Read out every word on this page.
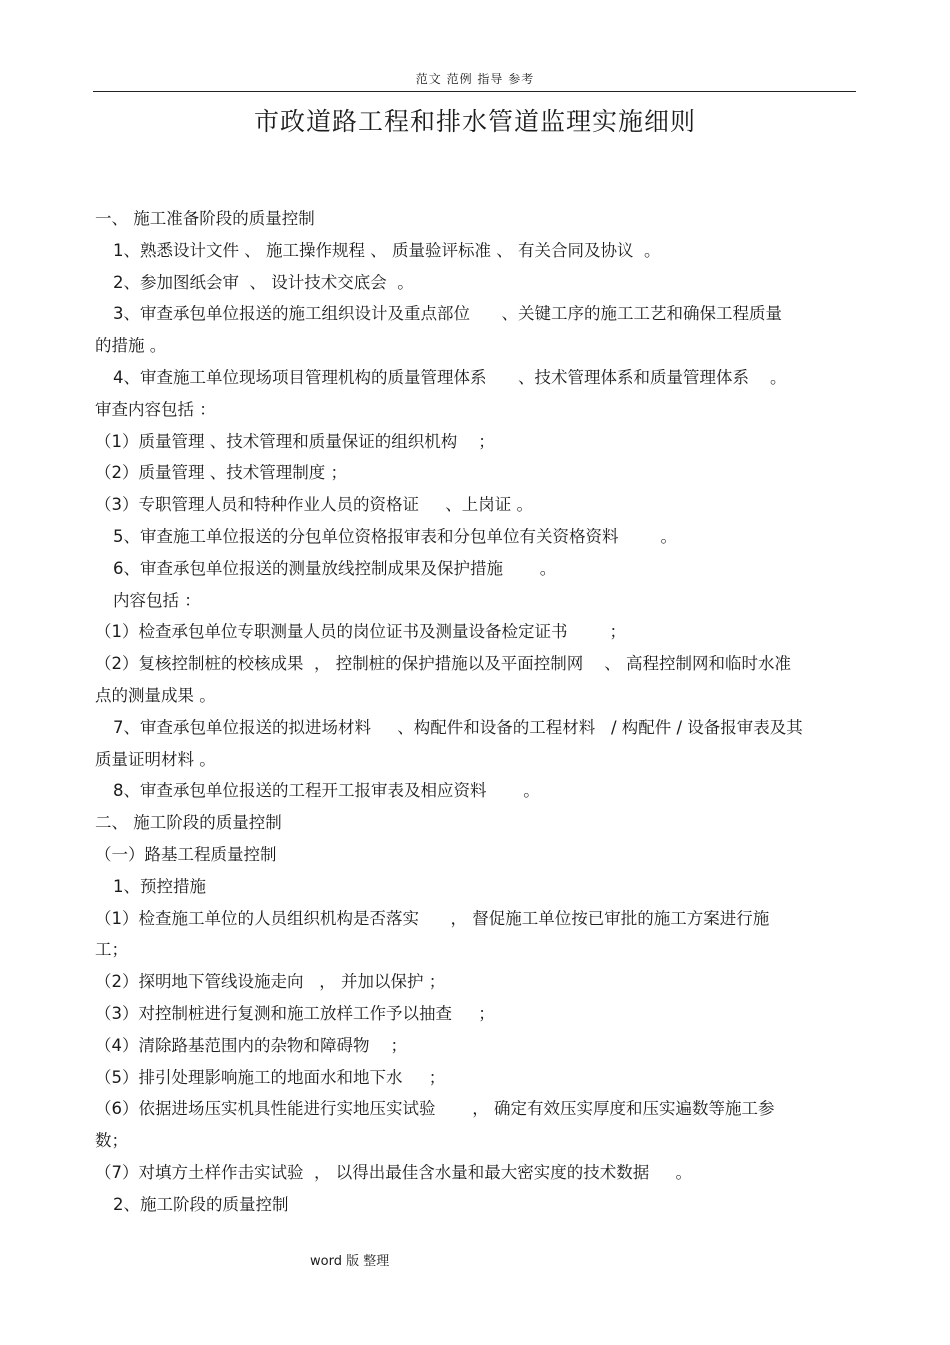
范文 范例 指导 参考
市政道路工程和排水管道监理实施细则
一、 施工准备阶段的质量控制
1、熟悉设计文件 、 施工操作规程 、 质量验评标准 、 有关合同及协议  。
2、参加图纸会审  、 设计技术交底会  。
3、审查承包单位报送的施工组织设计及重点部位      、关键工序的施工工艺和确保工程质量
的措施 。
4、审查施工单位现场项目管理机构的质量管理体系      、技术管理体系和质量管理体系    。
审查内容包括 ：
（1）质量管理 、技术管理和质量保证的组织机构    ；
（2）质量管理 、技术管理制度 ；
（3）专职管理人员和特种作业人员的资格证     、上岗证 。
5、审查施工单位报送的分包单位资格报审表和分包单位有关资格资料        。
6、审查承包单位报送的测量放线控制成果及保护措施       。
内容包括 ：
（1）检查承包单位专职测量人员的岗位证书及测量设备检定证书        ；
（2）复核控制桩的校核成果  ， 控制桩的保护措施以及平面控制网    、 高程控制网和临时水准
点的测量成果 。
7、审查承包单位报送的拟进场材料     、构配件和设备的工程材料   / 构配件 / 设备报审表及其
质量证明材料 。
8、审查承包单位报送的工程开工报审表及相应资料       。
二、 施工阶段的质量控制
（一）路基工程质量控制
1、预控措施
（1）检查施工单位的人员组织机构是否落实      ， 督促施工单位按已审批的施工方案进行施
工；
（2）探明地下管线设施走向   ， 并加以保护 ；
（3）对控制桩进行复测和施工放样工作予以抽查     ；
（4）清除路基范围内的杂物和障碍物    ；
（5）排引处理影响施工的地面水和地下水     ；
（6）依据进场压实机具性能进行实地压实试验       ， 确定有效压实厚度和压实遍数等施工参
数；
（7）对填方土样作击实试验  ， 以得出最佳含水量和最大密实度的技术数据     。
2、施工阶段的质量控制
word 版 整理
